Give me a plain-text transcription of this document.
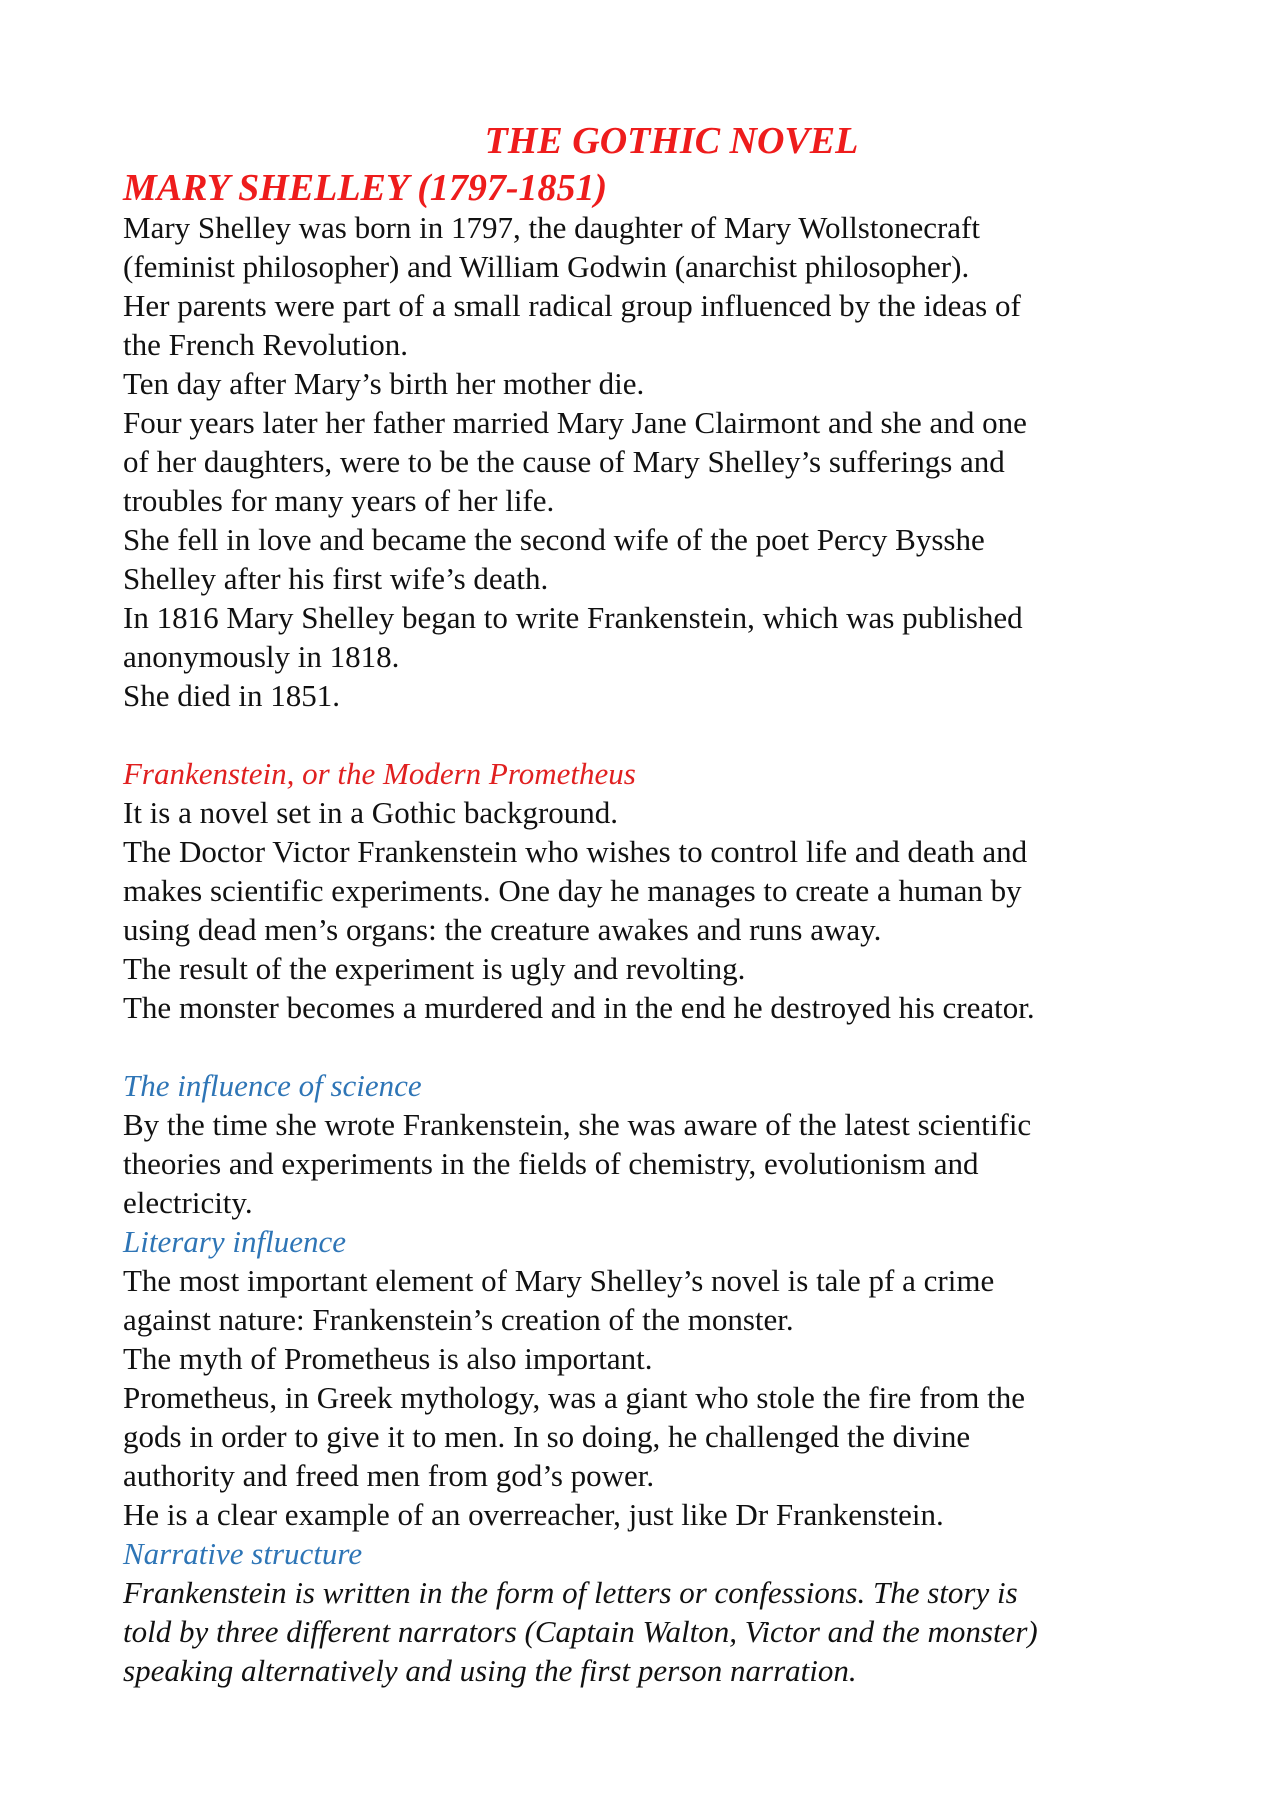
THE GOTHIC NOVEL
MARY SHELLEY (1797-1851)
Mary Shelley was born in 1797, the daughter of Mary Wollstonecraft
(feminist philosopher) and William Godwin (anarchist philosopher).
Her parents were part of a small radical group influenced by the ideas of
the French Revolution.
Ten day after Mary’s birth her mother die.
Four years later her father married Mary Jane Clairmont and she and one
of her daughters, were to be the cause of Mary Shelley’s sufferings and
troubles for many years of her life.
She fell in love and became the second wife of the poet Percy Bysshe
Shelley after his first wife’s death.
In 1816 Mary Shelley began to write Frankenstein, which was published
anonymously in 1818.
She died in 1851.
Frankenstein, or the Modern Prometheus
It is a novel set in a Gothic background.
The Doctor Victor Frankenstein who wishes to control life and death and
makes scientific experiments. One day he manages to create a human by
using dead men’s organs: the creature awakes and runs away.
The result of the experiment is ugly and revolting.
The monster becomes a murdered and in the end he destroyed his creator.
The influence of science
By the time she wrote Frankenstein, she was aware of the latest scientific
theories and experiments in the fields of chemistry, evolutionism and
electricity.
Literary influence
The most important element of Mary Shelley’s novel is tale pf a crime
against nature: Frankenstein’s creation of the monster.
The myth of Prometheus is also important.
Prometheus, in Greek mythology, was a giant who stole the fire from the
gods in order to give it to men. In so doing, he challenged the divine
authority and freed men from god’s power.
He is a clear example of an overreacher, just like Dr Frankenstein.
Narrative structure
Frankenstein is written in the form of letters or confessions. The story is
told by three different narrators (Captain Walton, Victor and the monster)
speaking alternatively and using the first person narration.
